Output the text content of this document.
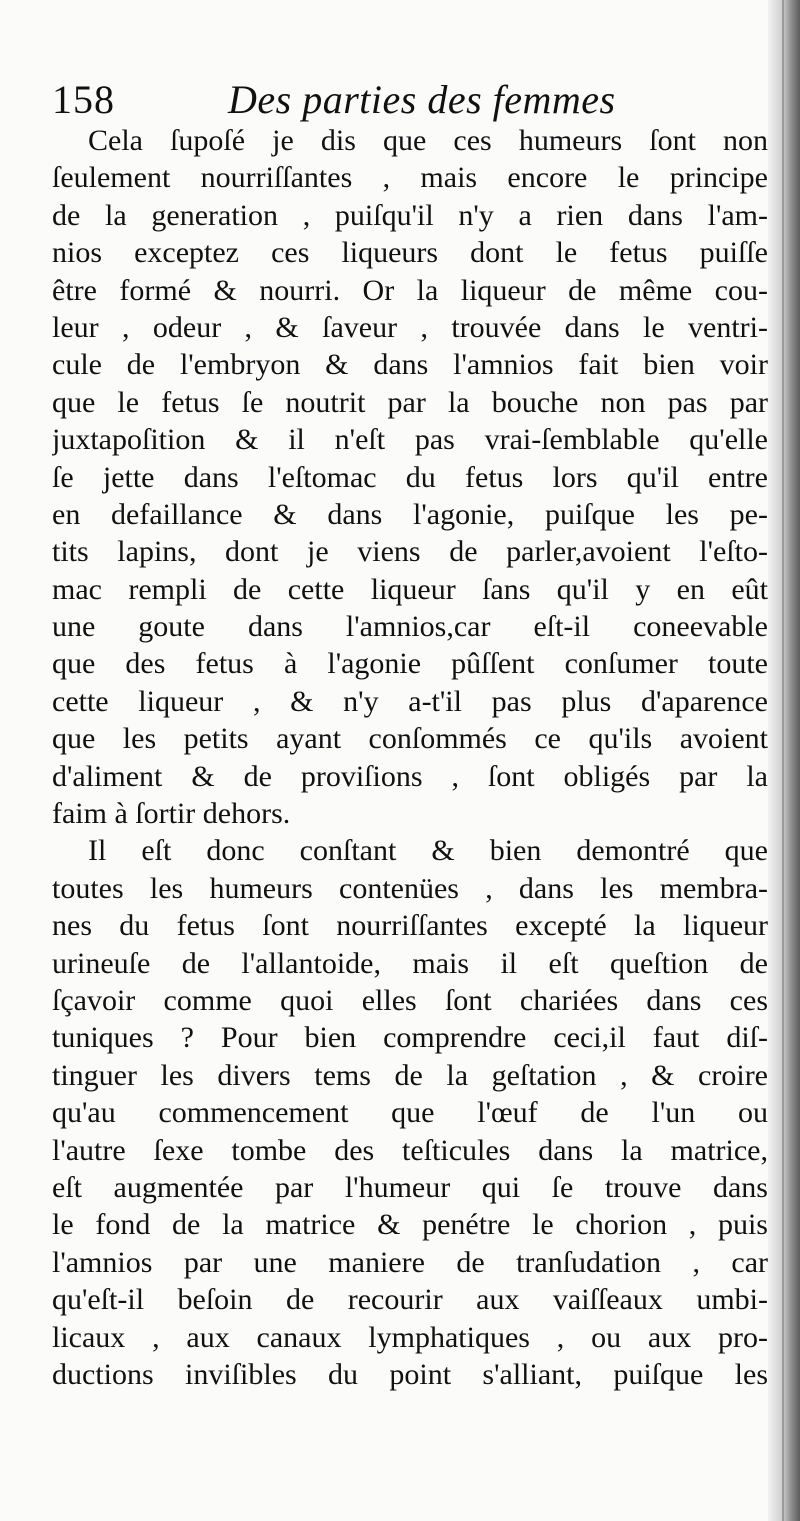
158	Des parties des femmes
Cela ſupoſé je dis que ces humeurs ſont non
ſeulement nourriſſantes , mais encore le principe
de la generation , puiſqu'il n'y a rien dans l'am-
nios exceptez ces liqueurs dont le fetus puiſſe
être formé & nourri. Or la liqueur de même cou-
leur , odeur , & ſaveur , trouvée dans le ventri-
cule de l'embryon & dans l'amnios fait bien voir
que le fetus ſe noutrit par la bouche non pas par
juxtapoſition & il n'eſt pas vrai-ſemblable qu'elle
ſe jette dans l'eſtomac du fetus lors qu'il entre
en defaillance & dans l'agonie, puiſque les pe-
tits lapins, dont je viens de parler,avoient l'eſto-
mac rempli de cette liqueur ſans qu'il y en eût
une goute dans l'amnios,car eſt-il coneevable
que des fetus à l'agonie pûſſent conſumer toute
cette liqueur , & n'y a-t'il pas plus d'aparence
que les petits ayant conſommés ce qu'ils avoient
d'aliment & de proviſions , ſont obligés par la
faim à ſortir dehors.
Il eſt donc conſtant & bien demontré que
toutes les humeurs contenües , dans les membra-
nes du fetus ſont nourriſſantes excepté la liqueur
urineuſe de l'allantoide, mais il eſt queſtion de
ſçavoir comme quoi elles ſont chariées dans ces
tuniques ? Pour bien comprendre ceci,il faut diſ-
tinguer les divers tems de la geſtation , & croire
qu'au commencement que l'œuf de l'un ou
l'autre ſexe tombe des teſticules dans la matrice,
eſt augmentée par l'humeur qui ſe trouve dans
le fond de la matrice & penétre le chorion , puis
l'amnios par une maniere de tranſudation , car
qu'eſt-il beſoin de recourir aux vaiſſeaux umbi-
licaux , aux canaux lymphatiques , ou aux pro-
ductions inviſibles du point s'alliant, puiſque les
